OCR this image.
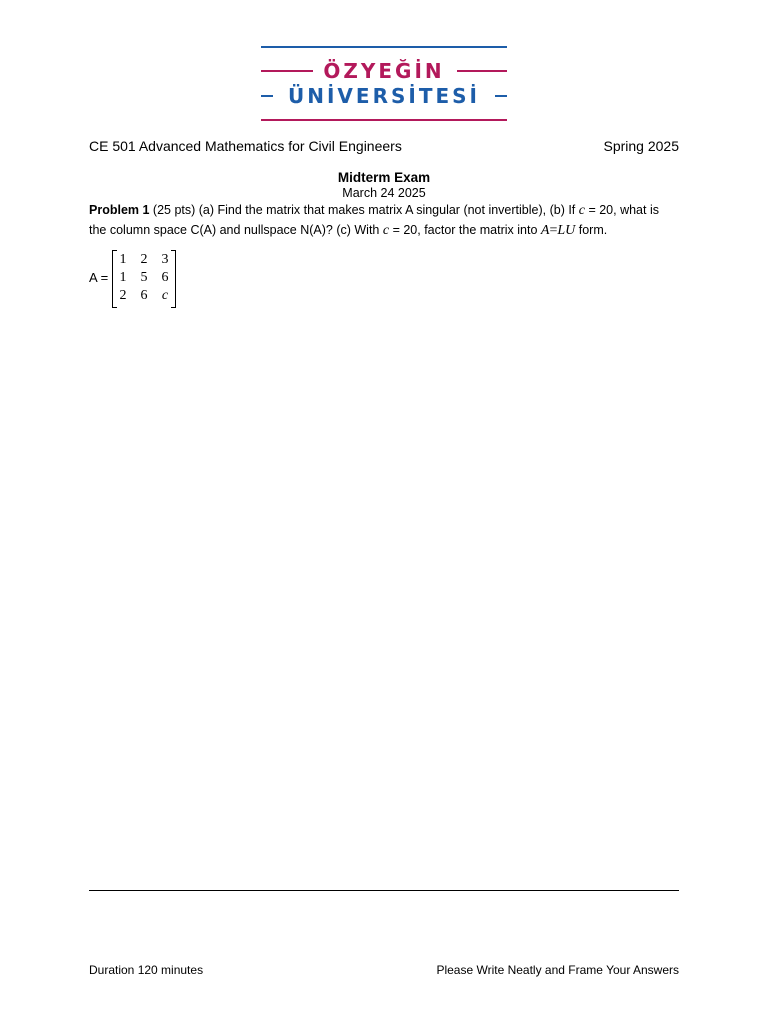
ÖZYEĞİN
ÜNİVERSİTESİ
CE 501 Advanced Mathematics for Civil Engineers	Spring 2025
Midterm Exam
March 24 2025
Problem 1 (25 pts) (a) Find the matrix that makes matrix A singular (not invertible), (b) If c = 20, what is the column space C(A) and nullspace N(A)? (c) With c = 20, factor the matrix into A=LU form.
A =
1	2	3
1	5	6
2	6	c
Duration 120 minutes	Please Write Neatly and Frame Your Answers
